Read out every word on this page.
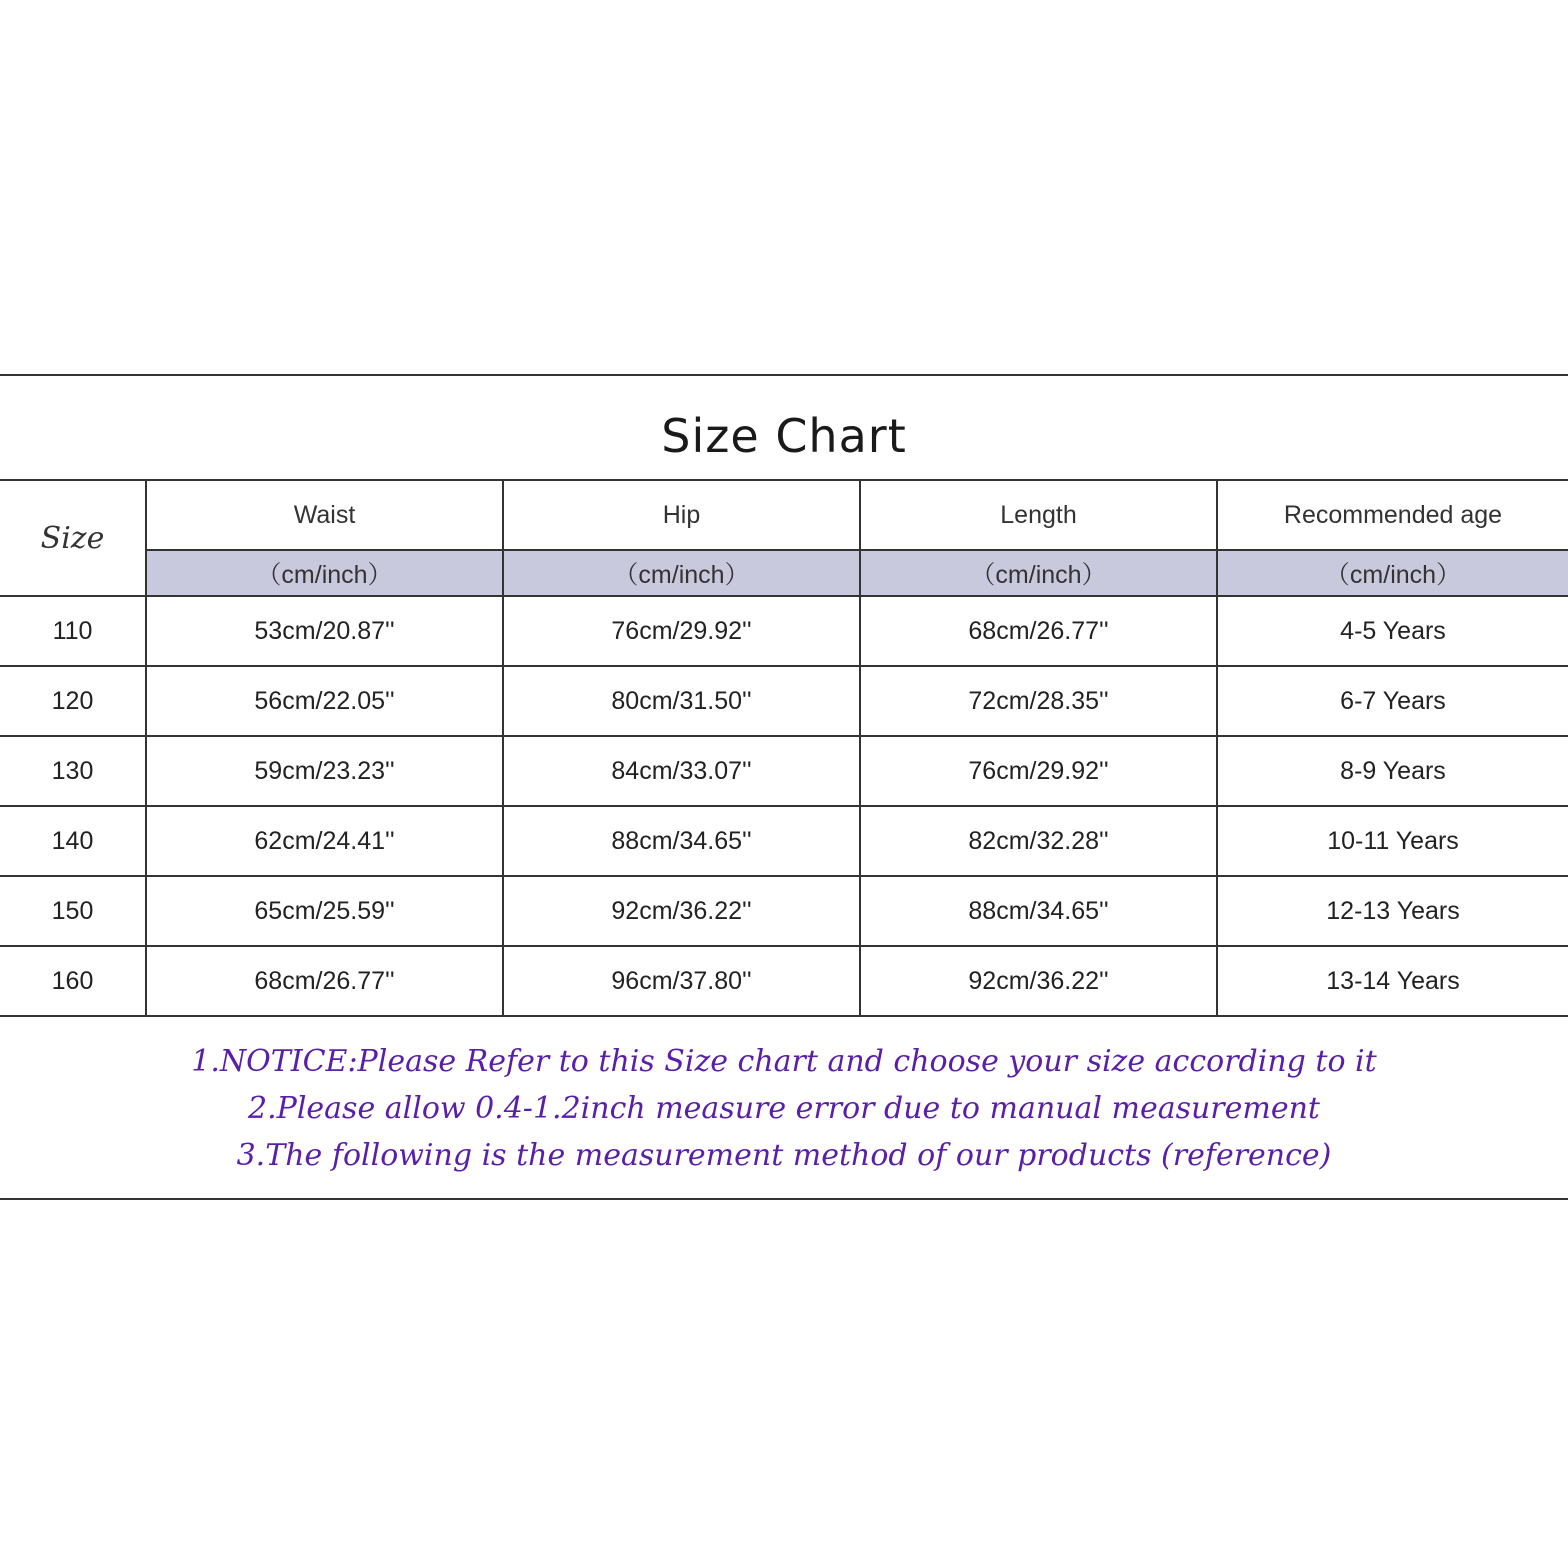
Size Chart
Size	Waist	Hip	Length	Recommended age
	（cm/inch）	（cm/inch）	（cm/inch）	（cm/inch）
110	53cm/20.87''	76cm/29.92''	68cm/26.77''	4-5 Years
120	56cm/22.05''	80cm/31.50''	72cm/28.35''	6-7 Years
130	59cm/23.23''	84cm/33.07''	76cm/29.92''	8-9 Years
140	62cm/24.41''	88cm/34.65''	82cm/32.28''	10-11 Years
150	65cm/25.59''	92cm/36.22''	88cm/34.65''	12-13 Years
160	68cm/26.77''	96cm/37.80''	92cm/36.22''	13-14 Years
1.NOTICE:Please Refer to this Size chart and choose your size according to it
2.Please allow 0.4-1.2inch measure error due to manual measurement
3.The following is the measurement method of our products (reference)
